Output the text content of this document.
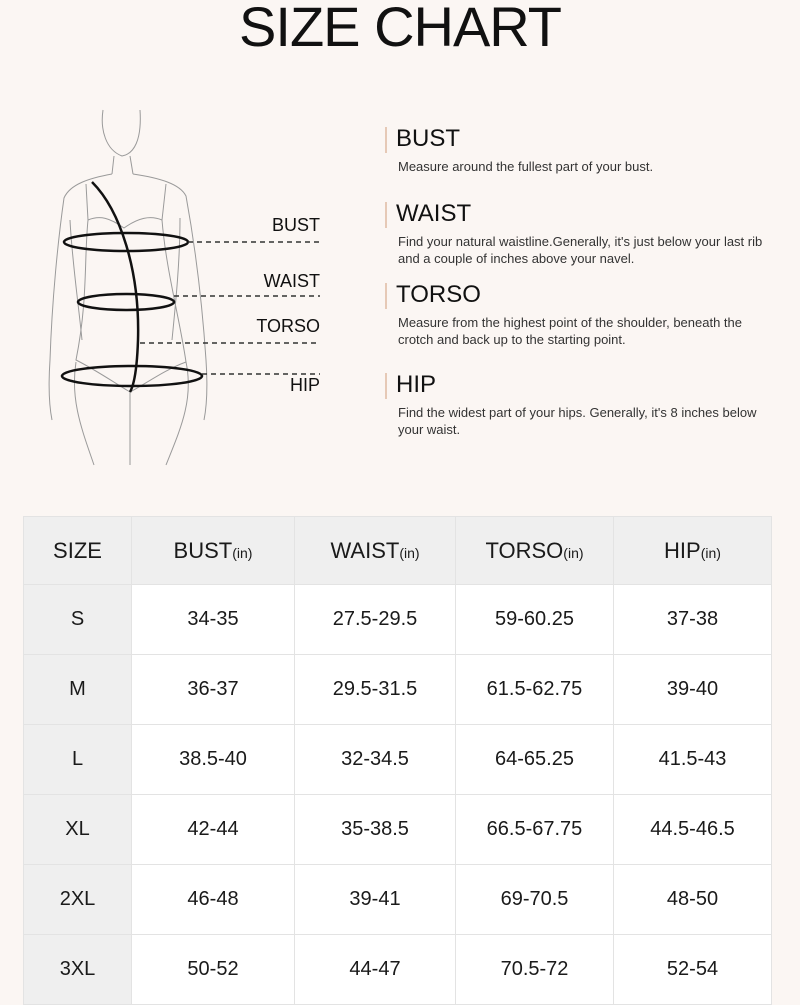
SIZE CHART
BUST
WAIST
TORSO
HIP
BUST
Measure around the fullest part of your bust.
WAIST
Find your natural waistline.Generally, it's just below your last rib and a couple of inches above your navel.
TORSO
Measure from the highest point of the shoulder, beneath the crotch and back up to the starting point.
HIP
Find the widest part of your hips. Generally, it's 8 inches below your waist.
SIZE	BUST(in)	WAIST(in)	TORSO(in)	HIP(in)
S	34-35	27.5-29.5	59-60.25	37-38
M	36-37	29.5-31.5	61.5-62.75	39-40
L	38.5-40	32-34.5	64-65.25	41.5-43
XL	42-44	35-38.5	66.5-67.75	44.5-46.5
2XL	46-48	39-41	69-70.5	48-50
3XL	50-52	44-47	70.5-72	52-54
